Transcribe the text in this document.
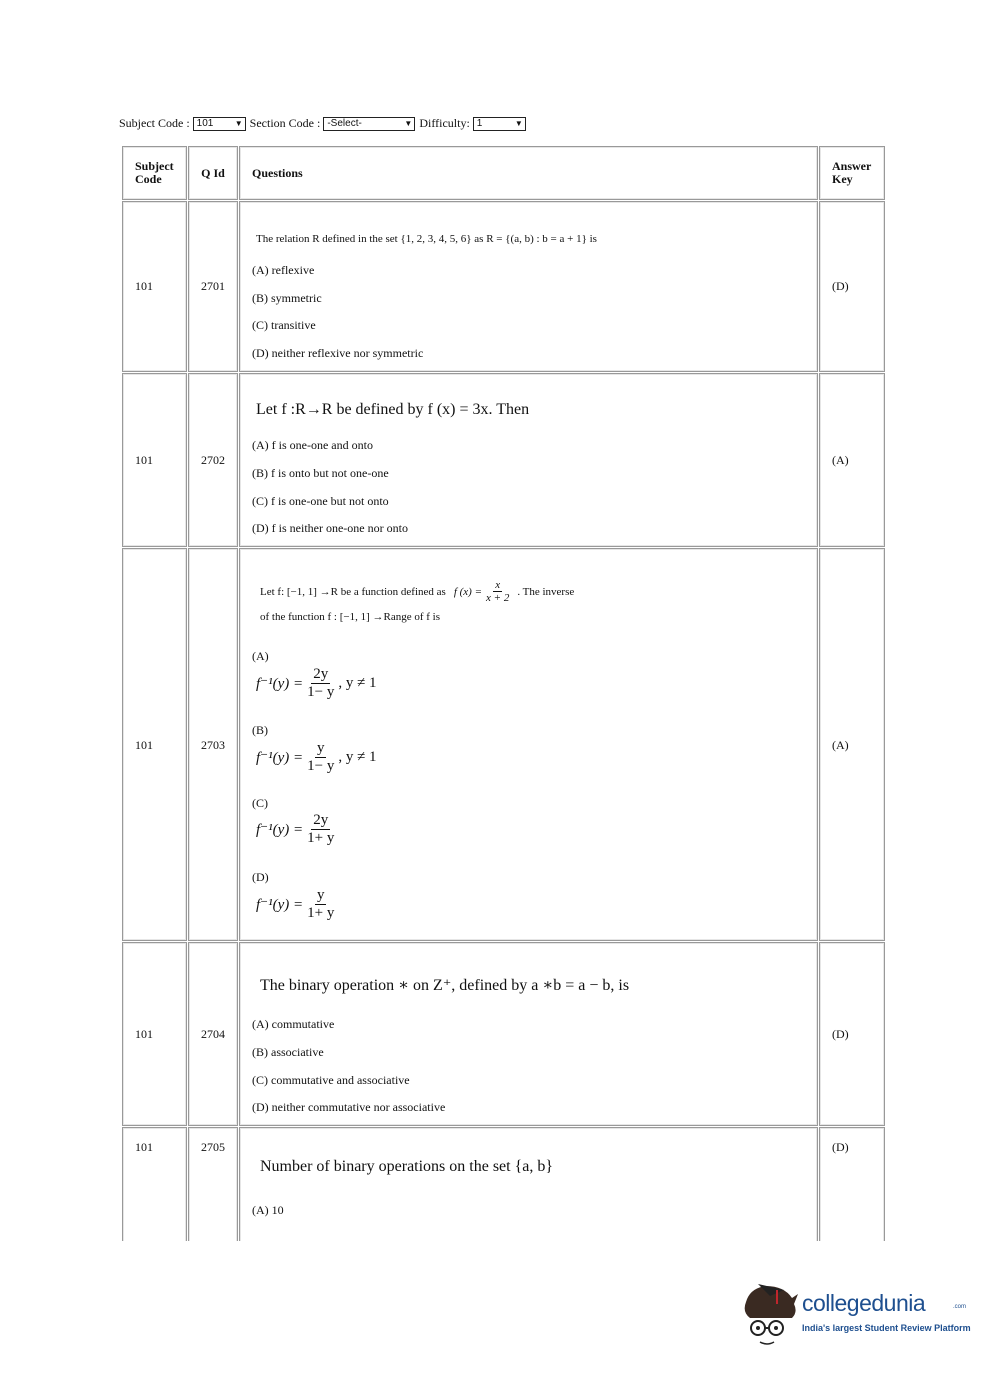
Subject Code : 101	▼ Section Code : -Select-	▼ Difficulty: 1	▼
Subject Code	Q Id	Questions	Answer Key
101	2701
The relation R defined in the set {1, 2, 3, 4, 5, 6} as R = {(a, b) : b = a + 1} is
(A) reflexive
(B) symmetric
(C) transitive
(D) neither reflexive nor symmetric
(D)
101	2702
Let f :R→R be defined by f (x) = 3x. Then
(A) f is one-one and onto
(B) f is onto but not one-one
(C) f is one-one but not onto
(D) f is neither one-one nor onto
(A)
101	2703
Let f: [−1, 1] →R be a function defined as f $(x) = \frac{x}{x + 2}$ . The inverse
of the function f : [−1, 1] →Range of f is
(A)
$f^{-1}(y) = \frac{2y}{1- y}$ , y ≠ 1
(B)
$f^{-1}(y) = \frac{y}{1- y}$ , y ≠ 1
(C)
$f^{-1}(y) = \frac{2y}{1+ y}$
(D)
$f^{-1}(y) = \frac{y}{1+ y}$
(A)
101	2704
The binary operation ∗ on Z⁺, defined by a ∗b = a − b, is
(A) commutative
(B) associative
(C) commutative and associative
(D) neither commutative nor associative
(D)
101	2705
Number of binary operations on the set {a, b}
(A) 10
(D)
collegedunia	.com
India's largest Student Review Platform
